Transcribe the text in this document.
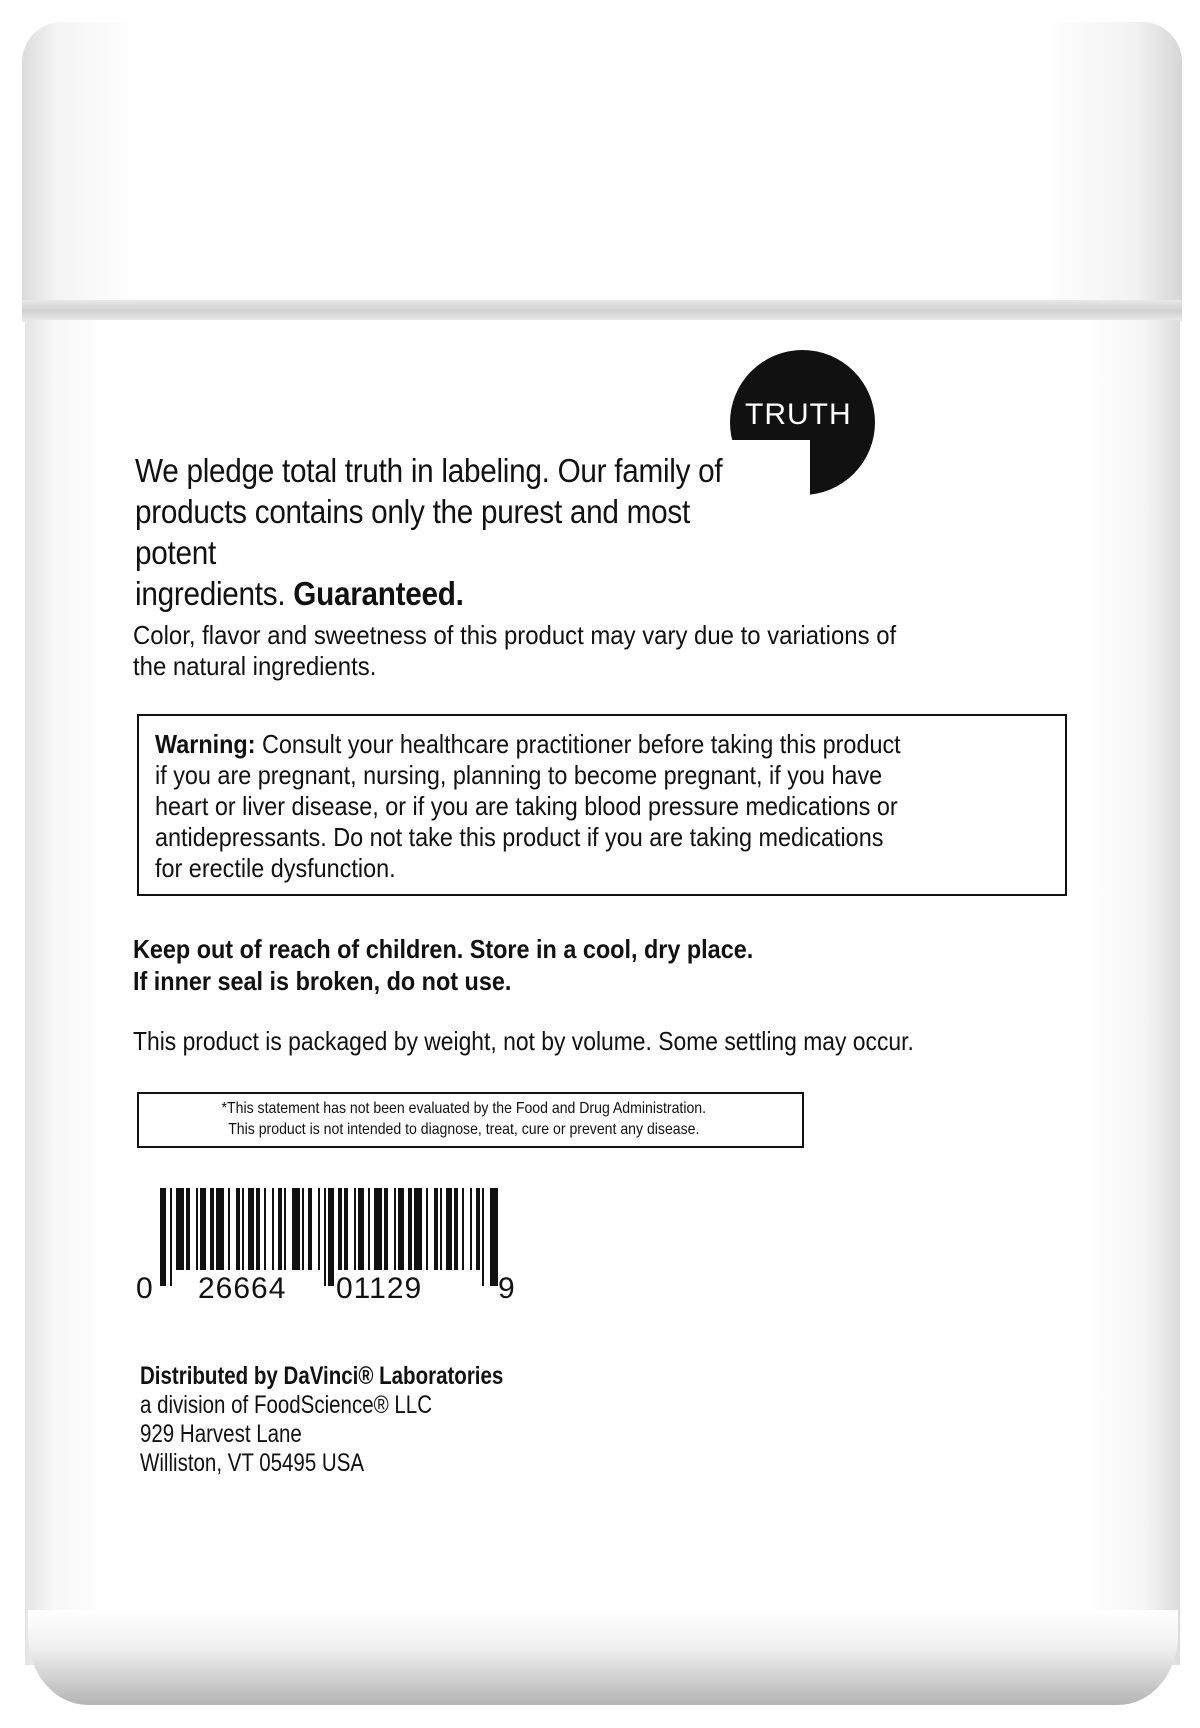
TRUTH
We pledge total truth in labeling. Our family of
products contains only the purest and most potent
ingredients. Guaranteed.
Color, flavor and sweetness of this product may vary due to variations of
the natural ingredients.
Warning: Consult your healthcare practitioner before taking this product
if you are pregnant, nursing, planning to become pregnant, if you have
heart or liver disease, or if you are taking blood pressure medications or
antidepressants. Do not take this product if you are taking medications
for erectile dysfunction.
Keep out of reach of children. Store in a cool, dry place.
If inner seal is broken, do not use.
This product is packaged by weight, not by volume. Some settling may occur.
*This statement has not been evaluated by the Food and Drug Administration.
This product is not intended to diagnose, treat, cure or prevent any disease.
0 26664 01129	9
Distributed by DaVinci® Laboratories
a division of FoodScience® LLC
929 Harvest Lane
Williston, VT 05495 USA
